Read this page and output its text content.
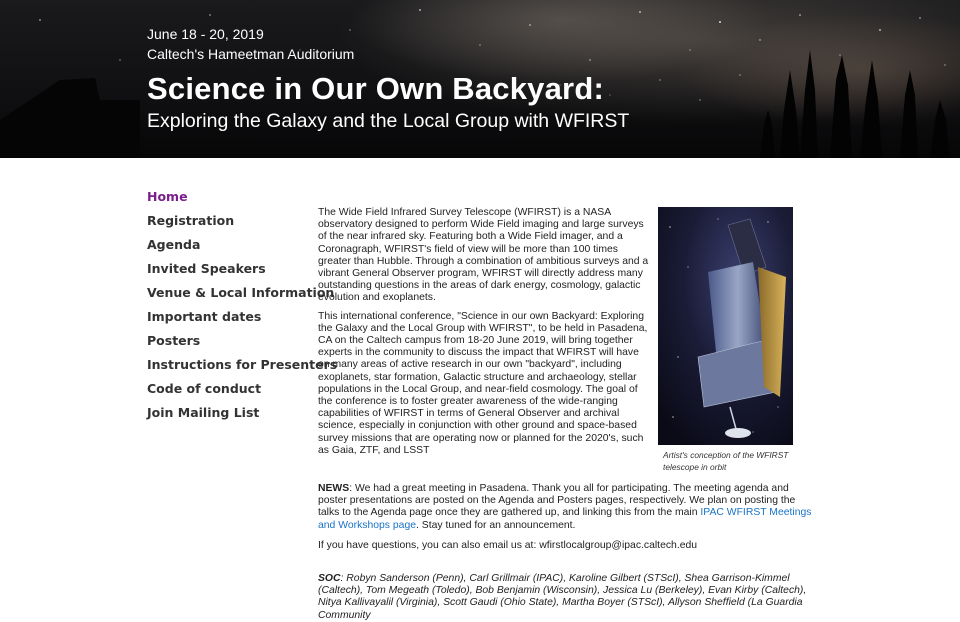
June 18 - 20, 2019
Caltech's Hameetman Auditorium
Science in Our Own Backyard:
Exploring the Galaxy and the Local Group with WFIRST
Home
Registration
Agenda
Invited Speakers
Venue & Local Information
Important dates
Posters
Instructions for Presenters
Code of conduct
Join Mailing List

The Wide Field Infrared Survey Telescope (WFIRST) is a NASA observatory designed to perform Wide Field imaging and large surveys of the near infrared sky. Featuring both a Wide Field imager, and a Coronagraph, WFIRST's field of view will be more than 100 times greater than Hubble. Through a combination of ambitious surveys and a vibrant General Observer program, WFIRST will directly address many outstanding questions in the areas of dark energy, cosmology, galactic evolution and exoplanets.

This international conference, "Science in our own Backyard: Exploring the Galaxy and the Local Group with WFIRST", to be held in Pasadena, CA on the Caltech campus from 18-20 June 2019, will bring together experts in the community to discuss the impact that WFIRST will have on many areas of active research in our own "backyard", including exoplanets, star formation, Galactic structure and archaeology, stellar populations in the Local Group, and near-field cosmology. The goal of the conference is to foster greater awareness of the wide-ranging capabilities of WFIRST in terms of General Observer and archival science, especially in conjunction with other ground and space-based survey missions that are operating now or planned for the 2020's, such as Gaia, ZTF, and LSST	Artist's conception of the WFIRST telescope in orbit

NEWS: We had a great meeting in Pasadena. Thank you all for participating. The meeting agenda and poster presentations are posted on the Agenda and Posters pages, respectively. We plan on posting the talks to the Agenda page once they are gathered up, and linking this from the main IPAC WFIRST Meetings and Workshops page. Stay tuned for an announcement.

If you have questions, you can also email us at: wfirstlocalgroup@ipac.caltech.edu

SOC: Robyn Sanderson (Penn), Carl Grillmair (IPAC), Karoline Gilbert (STScI), Shea Garrison-Kimmel (Caltech), Tom Megeath (Toledo), Bob Benjamin (Wisconsin), Jessica Lu (Berkeley), Evan Kirby (Caltech), Nitya Kallivayalil (Virginia), Scott Gaudi (Ohio State), Martha Boyer (STScI), Allyson Sheffield (La Guardia Community
